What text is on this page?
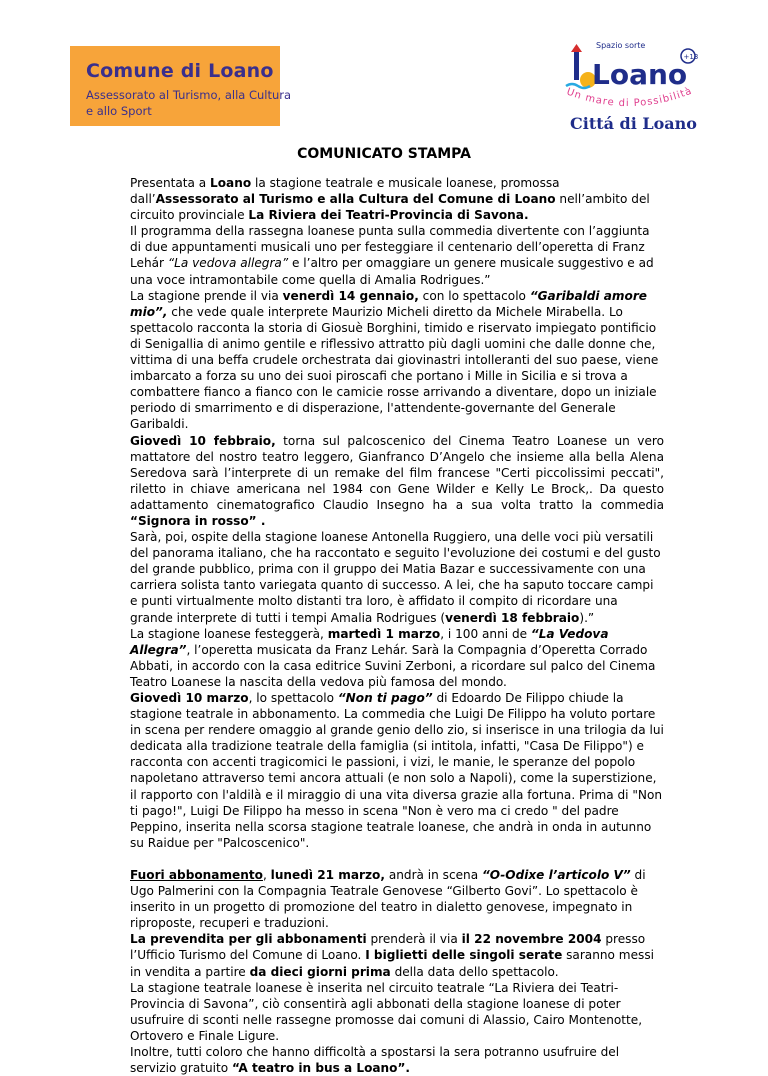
Comune di Loano
Assessorato al Turismo, alla Cultura
e allo Sport
Spazio sorte
+13
Loano
Un mare di Possibilità
Cittá di Loano
COMUNICATO STAMPA

Presentata a Loano la stagione teatrale e musicale loanese, promossa dall’Assessorato al Turismo e alla Cultura del Comune di Loano nell’ambito del circuito provinciale La Riviera dei Teatri-Provincia di Savona.

Il programma della rassegna loanese punta sulla commedia divertente con l’aggiunta di due appuntamenti musicali uno per festeggiare il centenario dell’operetta di Franz Lehár “La vedova allegra” e l’altro per omaggiare un genere musicale suggestivo e ad una voce intramontabile come quella di Amalia Rodrigues.”

La stagione prende il via venerdì 14 gennaio, con lo spettacolo “Garibaldi amore mio”, che vede quale interprete Maurizio Micheli diretto da Michele Mirabella. Lo spettacolo racconta la storia di Giosuè Borghini, timido e riservato impiegato pontificio di Senigallia di animo gentile e riflessivo attratto più dagli uomini che dalle donne che, vittima di una beffa crudele orchestrata dai giovinastri intolleranti del suo paese, viene imbarcato a forza su uno dei suoi piroscafi che portano i Mille in Sicilia e si trova a combattere fianco a fianco con le camicie rosse arrivando a diventare, dopo un iniziale periodo di smarrimento e di disperazione, l'attendente-governante del Generale Garibaldi.

Giovedì 10 febbraio, torna sul palcoscenico del Cinema Teatro Loanese un vero mattatore del nostro teatro leggero, Gianfranco D’Angelo che insieme alla bella Alena Seredova sarà l’interprete di un remake del film francese "Certi piccolissimi peccati", riletto in chiave americana nel 1984 con Gene Wilder e Kelly Le Brock,. Da questo adattamento cinematografico Claudio Insegno ha a sua volta tratto la commedia “Signora in rosso” .

Sarà, poi, ospite della stagione loanese Antonella Ruggiero, una delle voci più versatili del panorama italiano, che ha raccontato e seguito l'evoluzione dei costumi e del gusto del grande pubblico, prima con il gruppo dei Matia Bazar e successivamente con una carriera solista tanto variegata quanto di successo. A lei, che ha saputo toccare campi e punti virtualmente molto distanti tra loro, è affidato il compito di ricordare una grande interprete di tutti i tempi Amalia Rodrigues (venerdì 18 febbraio).”

La stagione loanese festeggerà, martedì 1 marzo, i 100 anni de “La Vedova Allegra”, l’operetta musicata da Franz Lehár. Sarà la Compagnia d’Operetta Corrado Abbati, in accordo con la casa editrice Suvini Zerboni, a ricordare sul palco del Cinema Teatro Loanese la nascita della vedova più famosa del mondo.

Giovedì 10 marzo, lo spettacolo “Non ti pago” di Edoardo De Filippo chiude la stagione teatrale in abbonamento. La commedia che Luigi De Filippo ha voluto portare in scena per rendere omaggio al grande genio dello zio, si inserisce in una trilogia da lui dedicata alla tradizione teatrale della famiglia (si intitola, infatti, "Casa De Filippo") e racconta con accenti tragicomici le passioni, i vizi, le manie, le speranze del popolo napoletano attraverso temi ancora attuali (e non solo a Napoli), come la superstizione, il rapporto con l'aldilà e il miraggio di una vita diversa grazie alla fortuna. Prima di "Non ti pago!", Luigi De Filippo ha messo in scena "Non è vero ma ci credo " del padre Peppino, inserita nella scorsa stagione teatrale loanese, che andrà in onda in autunno su Raidue per "Palcoscenico".

Fuori abbonamento, lunedì 21 marzo, andrà in scena “O-Odixe l’articolo V” di Ugo Palmerini con la Compagnia Teatrale Genovese “Gilberto Govi”. Lo spettacolo è inserito in un progetto di promozione del teatro in dialetto genovese, impegnato in riproposte, recuperi e traduzioni.

La prevendita per gli abbonamenti prenderà il via il 22 novembre 2004 presso l’Ufficio Turismo del Comune di Loano. I biglietti delle singoli serate saranno messi in vendita a partire da dieci giorni prima della data dello spettacolo.

La stagione teatrale loanese è inserita nel circuito teatrale “La Riviera dei Teatri-Provincia di Savona”, ciò consentirà agli abbonati della stagione loanese di poter usufruire di sconti nelle rassegne promosse dai comuni di Alassio, Cairo Montenotte, Ortovero e Finale Ligure.

Inoltre, tutti coloro che hanno difficoltà a spostarsi la sera potranno usufruire del servizio gratuito “A teatro in bus a Loano”.
